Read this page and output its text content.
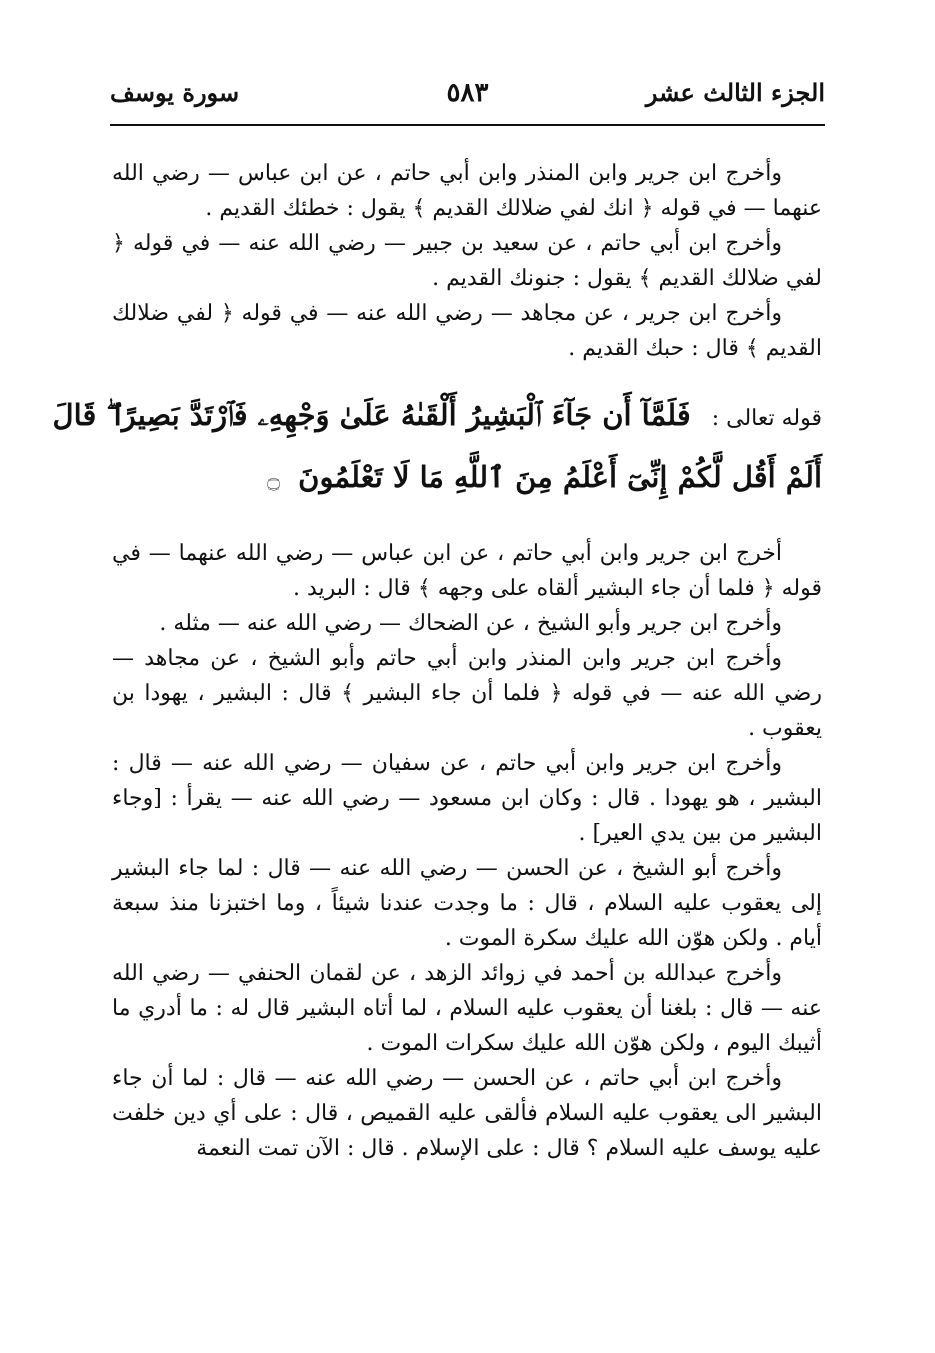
الجزء الثالث عشر
٥٨٣
سورة يوسف

وأخرج ابن جرير وابن المنذر وابن أبي حاتم ، عن ابن عباس — رضي الله عنهما — في قوله ﴿ انك لفي ضلالك القديم ﴾ يقول : خطئك القديم .

وأخرج ابن أبي حاتم ، عن سعيد بن جبير — رضي الله عنه — في قوله ﴿ لفي ضلالك القديم ﴾ يقول : جنونك القديم .

وأخرج ابن جرير ، عن مجاهد — رضي الله عنه — في قوله ﴿ لفي ضلالك القديم ﴾ قال : حبك القديم .

قوله تعالى : فَلَمَّآ أَن جَآءَ ٱلْبَشِيرُ أَلْقَىٰهُ عَلَىٰ وَجْهِهِۦ فَٱرْتَدَّ بَصِيرًا ۖ قَالَ
أَلَمْ أَقُل لَّكُمْ إِنِّىٓ أَعْلَمُ مِنَ ٱللَّهِ مَا لَا تَعْلَمُونَ ۝

أخرج ابن جرير وابن أبي حاتم ، عن ابن عباس — رضي الله عنهما — في قوله ﴿ فلما أن جاء البشير ألقاه على وجهه ﴾ قال : البريد .

وأخرج ابن جرير وأبو الشيخ ، عن الضحاك — رضي الله عنه — مثله .

وأخرج ابن جرير وابن المنذر وابن أبي حاتم وأبو الشيخ ، عن مجاهد — رضي الله عنه — في قوله ﴿ فلما أن جاء البشير ﴾ قال : البشير ، يهودا بن يعقوب .

وأخرج ابن جرير وابن أبي حاتم ، عن سفيان — رضي الله عنه — قال : البشير ، هو يهودا . قال : وكان ابن مسعود — رضي الله عنه — يقرأ : [وجاء البشير من بين يدي العير] .

وأخرج أبو الشيخ ، عن الحسن — رضي الله عنه — قال : لما جاء البشير إلى يعقوب عليه السلام ، قال : ما وجدت عندنا شيئاً ، وما اختبزنا منذ سبعة أيام . ولكن هوّن الله عليك سكرة الموت .

وأخرج عبدالله بن أحمد في زوائد الزهد ، عن لقمان الحنفي — رضي الله عنه — قال : بلغنا أن يعقوب عليه السلام ، لما أتاه البشير قال له : ما أدري ما أثيبك اليوم ، ولكن هوّن الله عليك سكرات الموت .

وأخرج ابن أبي حاتم ، عن الحسن — رضي الله عنه — قال : لما أن جاء البشير الى يعقوب عليه السلام فألقى عليه القميص ، قال : على أي دين خلفت عليه يوسف عليه السلام ؟ قال : على الإسلام . قال : الآن تمت النعمة
